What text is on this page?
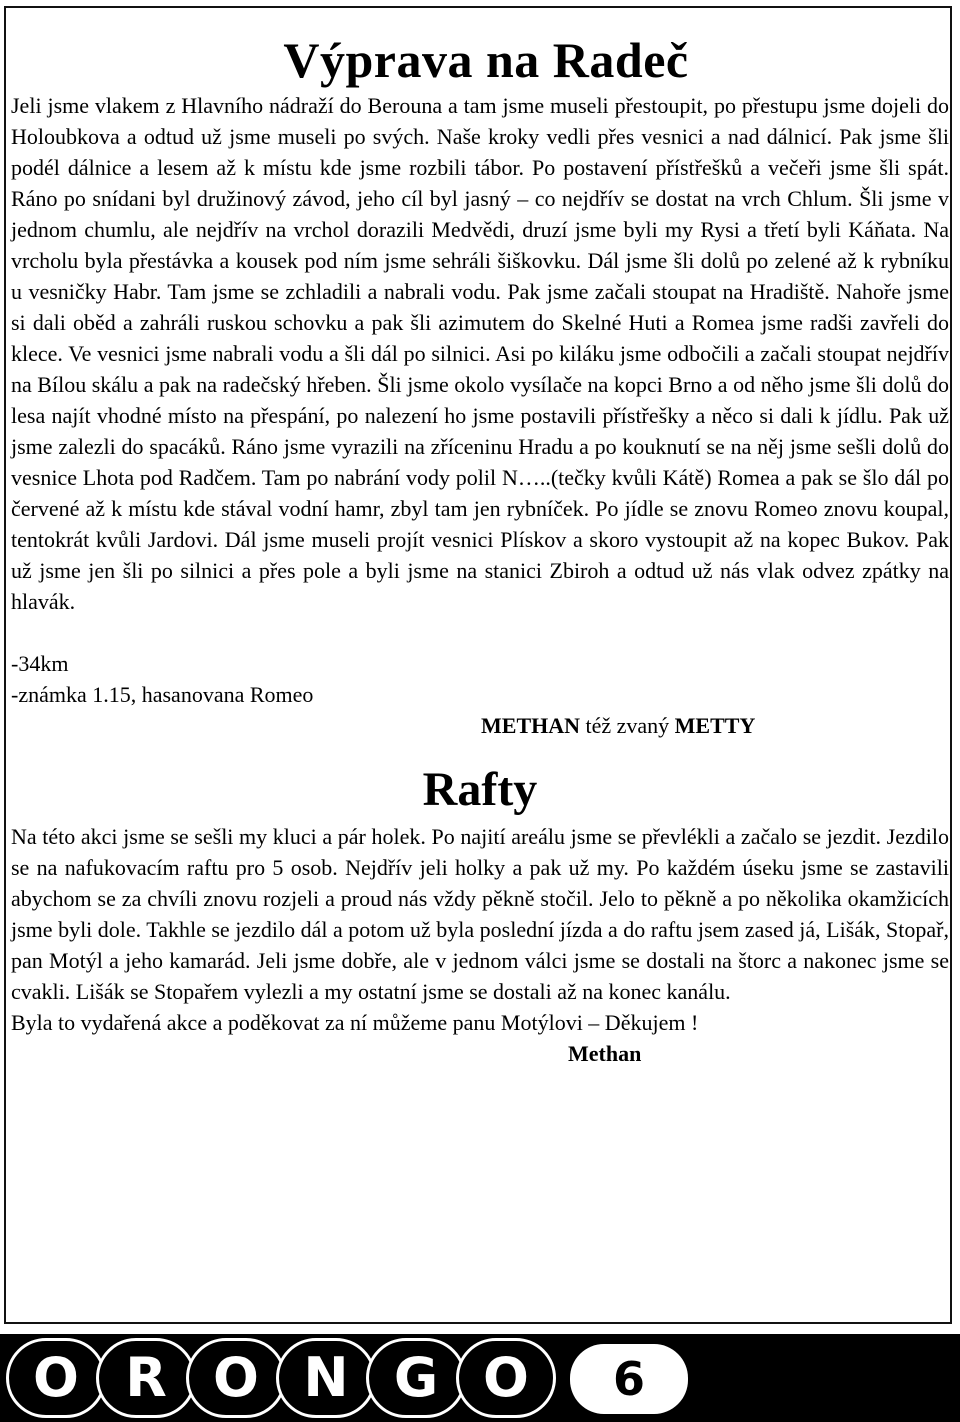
Výprava na Radeč

Jeli jsme vlakem z Hlavního nádraží do Berouna a tam jsme museli přestoupit, po přestupu jsme dojeli do Holoubkova a odtud už jsme museli po svých. Naše kroky vedli přes vesnici a nad dálnicí. Pak jsme šli podél dálnice a lesem až k místu kde jsme rozbili tábor. Po postavení přístřešků a večeři jsme šli spát. Ráno po snídani byl družinový závod, jeho cíl byl jasný – co nejdřív se dostat na vrch Chlum. Šli jsme v jednom chumlu, ale nejdřív na vrchol dorazili Medvědi, druzí jsme byli my Rysi a třetí byli Káňata. Na vrcholu byla přestávka a kousek pod ním jsme sehráli šiškovku. Dál jsme šli dolů po zelené až k rybníku u vesničky Habr. Tam jsme se zchladili a nabrali vodu. Pak jsme začali stoupat na Hradiště. Nahoře jsme si dali oběd a zahráli ruskou schovku a pak šli azimutem do Skelné Huti a Romea jsme radši zavřeli do klece. Ve vesnici jsme nabrali vodu a šli dál po silnici. Asi po kiláku jsme odbočili a začali stoupat nejdřív na Bílou skálu a pak na radečský hřeben. Šli jsme okolo vysílače na kopci Brno a od něho jsme šli dolů do lesa najít vhodné místo na přespání, po nalezení ho jsme postavili přístřešky a něco si dali k jídlu. Pak už jsme zalezli do spacáků. Ráno jsme vyrazili na zříceninu Hradu a po kouknutí se na něj jsme sešli dolů do vesnice Lhota pod Radčem. Tam po nabrání vody polil N…..(tečky kvůli Kátě) Romea a pak se šlo dál po červené až k místu kde stával vodní hamr, zbyl tam jen rybníček. Po jídle se znovu Romeo znovu koupal, tentokrát kvůli Jardovi. Dál jsme museli projít vesnici Plískov a skoro vystoupit až na kopec Bukov. Pak už jsme jen šli po silnici a přes pole a byli jsme na stanici Zbiroh a odtud už nás vlak odvez zpátky na hlavák.

-34km

-známka 1.15, hasanovana Romeo

METHAN též zvaný METTY

Rafty

Na této akci jsme se sešli my kluci a pár holek. Po najití areálu jsme se převlékli a začalo se jezdit. Jezdilo se na nafukovacím raftu pro 5 osob. Nejdřív jeli holky a pak už my. Po každém úseku jsme se zastavili abychom se za chvíli znovu rozjeli a proud nás vždy pěkně stočil. Jelo to pěkně a po několika okamžicích jsme byli dole. Takhle se jezdilo dál a potom už byla poslední jízda a do raftu jsem zased já, Lišák, Stopař, pan Motýl a jeho kamarád. Jeli jsme dobře, ale v jednom válci jsme se dostali na štorc a nakonec jsme se cvakli. Lišák se Stopařem vylezli a my ostatní jsme se dostali až na konec kanálu.

Byla to vydařená akce a poděkovat za ní můžeme panu Motýlovi – Děkujem !

Methan

O R O N G O	6
